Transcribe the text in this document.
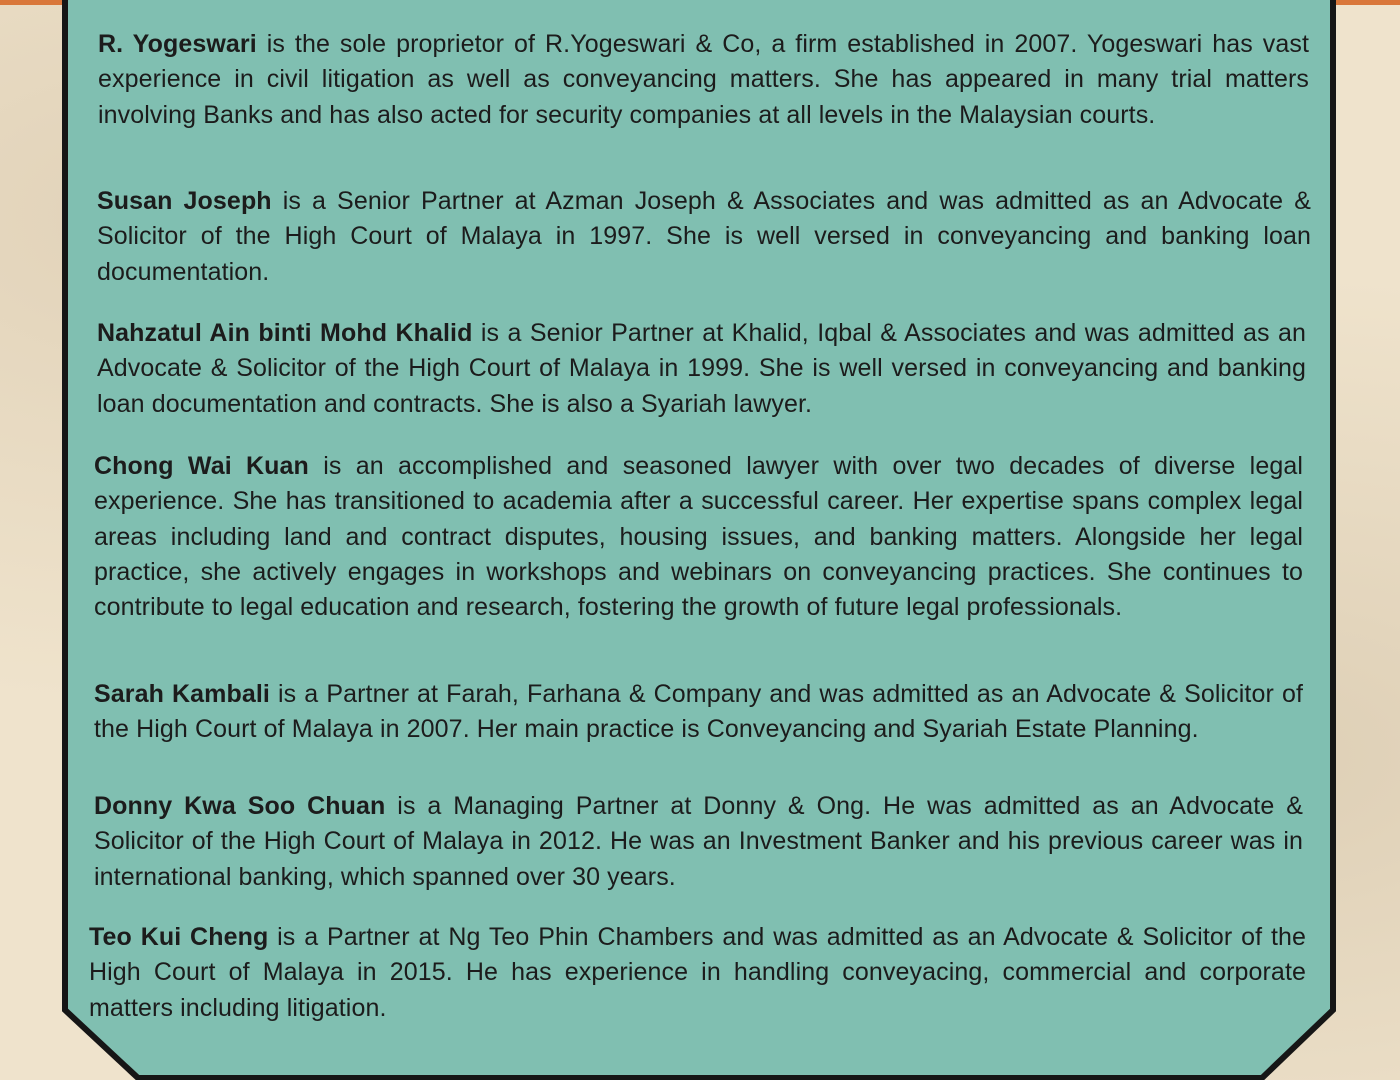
R. Yogeswari is the sole proprietor of R.Yogeswari & Co, a firm established in 2007. Yogeswari has vast experience in civil litigation as well as conveyancing matters. She has appeared in many trial matters involving Banks and has also acted for security companies at all levels in the Malaysian courts.

Susan Joseph is a Senior Partner at Azman Joseph & Associates and was admitted as an Advocate & Solicitor of the High Court of Malaya in 1997. She is well versed in conveyancing and banking loan documentation.

Nahzatul Ain binti Mohd Khalid is a Senior Partner at Khalid, Iqbal & Associates and was admitted as an Advocate & Solicitor of the High Court of Malaya in 1999. She is well versed in conveyancing and banking loan documentation and contracts. She is also a Syariah lawyer.

Chong Wai Kuan is an accomplished and seasoned lawyer with over two decades of diverse legal experience. She has transitioned to academia after a successful career. Her expertise spans complex legal areas including land and contract disputes, housing issues, and banking matters. Alongside her legal practice, she actively engages in workshops and webinars on conveyancing practices. She continues to contribute to legal education and research, fostering the growth of future legal professionals.

Sarah Kambali is a Partner at Farah, Farhana & Company and was admitted as an Advocate & Solicitor of the High Court of Malaya in 2007. Her main practice is Conveyancing and Syariah Estate Planning.

Donny Kwa Soo Chuan is a Managing Partner at Donny & Ong. He was admitted as an Advocate & Solicitor of the High Court of Malaya in 2012. He was an Investment Banker and his previous career was in international banking, which spanned over 30 years.

Teo Kui Cheng is a Partner at Ng Teo Phin Chambers and was admitted as an Advocate & Solicitor of the High Court of Malaya in 2015. He has experience in handling conveyacing, commercial and corporate matters including litigation.
